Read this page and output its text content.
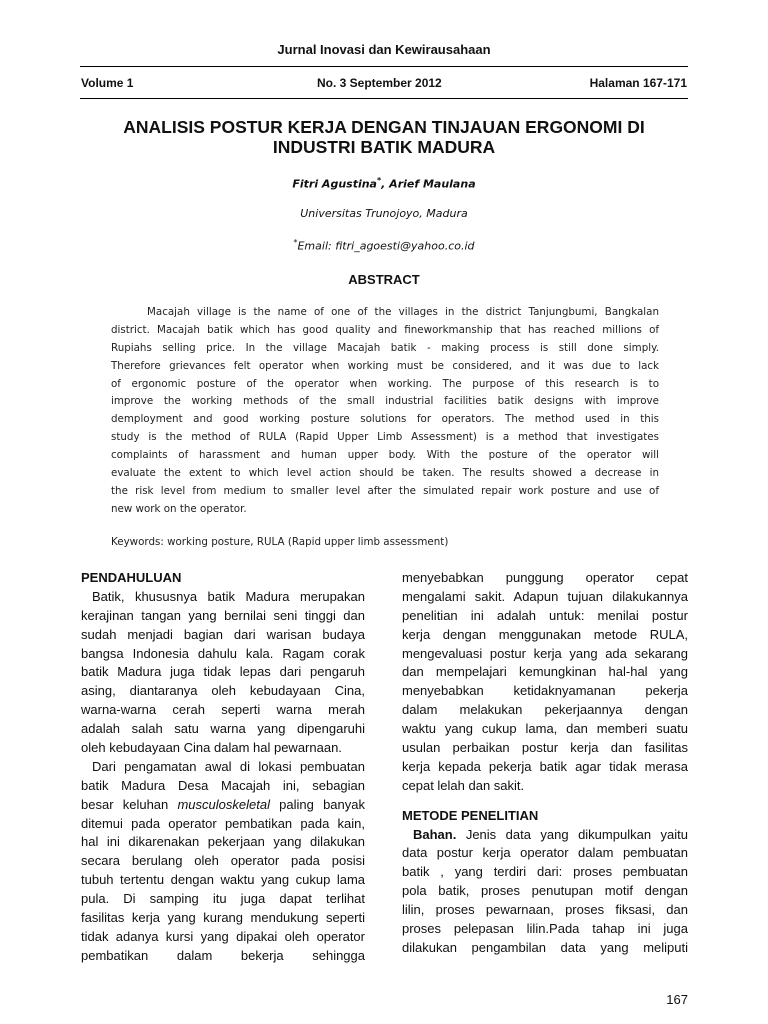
Jurnal Inovasi dan Kewirausahaan
Volume 1	No. 3 September 2012	Halaman 167-171
ANALISIS POSTUR KERJA DENGAN TINJAUAN ERGONOMI DI
INDUSTRI BATIK MADURA
Fitri Agustina*, Arief Maulana
Universitas Trunojoyo, Madura
*Email: fitri_agoesti@yahoo.co.id
ABSTRACT
Macajah village is the name of one of the villages in the district Tanjungbumi, Bangkalan
district. Macajah batik which has good quality and fineworkmanship that has reached millions of
Rupiahs selling price. In the village Macajah batik - making process is still done simply.
Therefore grievances felt operator when working must be considered, and it was due to lack
of ergonomic posture of the operator when working. The purpose of this research is to
improve the working methods of the small industrial facilities batik designs with improve
demployment and good working posture solutions for operators. The method used in this
study is the method of RULA (Rapid Upper Limb Assessment) is a method that investigates
complaints of harassment and human upper body. With the posture of the operator will
evaluate the extent to which level action should be taken. The results showed a decrease in
the risk level from medium to smaller level after the simulated repair work posture and use of
new work on the operator.
Keywords: working posture, RULA (Rapid upper limb assessment)
PENDAHULUAN
Batik, khususnya batik Madura merupakan
kerajinan tangan yang bernilai seni tinggi dan
sudah menjadi bagian dari warisan budaya
bangsa Indonesia dahulu kala. Ragam corak
batik Madura juga tidak lepas dari pengaruh
asing, diantaranya oleh kebudayaan Cina,
warna-warna cerah seperti warna merah
adalah salah satu warna yang dipengaruhi
oleh kebudayaan Cina dalam hal pewarnaan.
Dari pengamatan awal di lokasi pembuatan
batik Madura Desa Macajah ini, sebagian
besar keluhan musculoskeletal paling banyak
ditemui pada operator pembatikan pada kain,
hal ini dikarenakan pekerjaan yang dilakukan
secara berulang oleh operator pada posisi
tubuh tertentu dengan waktu yang cukup lama
pula. Di samping itu juga dapat terlihat
fasilitas kerja yang kurang mendukung seperti
tidak adanya kursi yang dipakai oleh operator
pembatikan dalam bekerja sehingga
menyebabkan punggung operator cepat
mengalami sakit. Adapun tujuan dilakukannya
penelitian ini adalah untuk: menilai postur
kerja dengan menggunakan metode RULA,
mengevaluasi postur kerja yang ada sekarang
dan mempelajari kemungkinan hal-hal yang
menyebabkan ketidaknyamanan pekerja
dalam melakukan pekerjaannya dengan
waktu yang cukup lama, dan memberi suatu
usulan perbaikan postur kerja dan fasilitas
kerja kepada pekerja batik agar tidak merasa
cepat lelah dan sakit.
METODE PENELITIAN
Bahan. Jenis data yang dikumpulkan yaitu
data postur kerja operator dalam pembuatan
batik , yang terdiri dari: proses pembuatan
pola batik, proses penutupan motif dengan
lilin, proses pewarnaan, proses fiksasi, dan
proses pelepasan lilin.Pada tahap ini juga
dilakukan pengambilan data yang meliputi
167
